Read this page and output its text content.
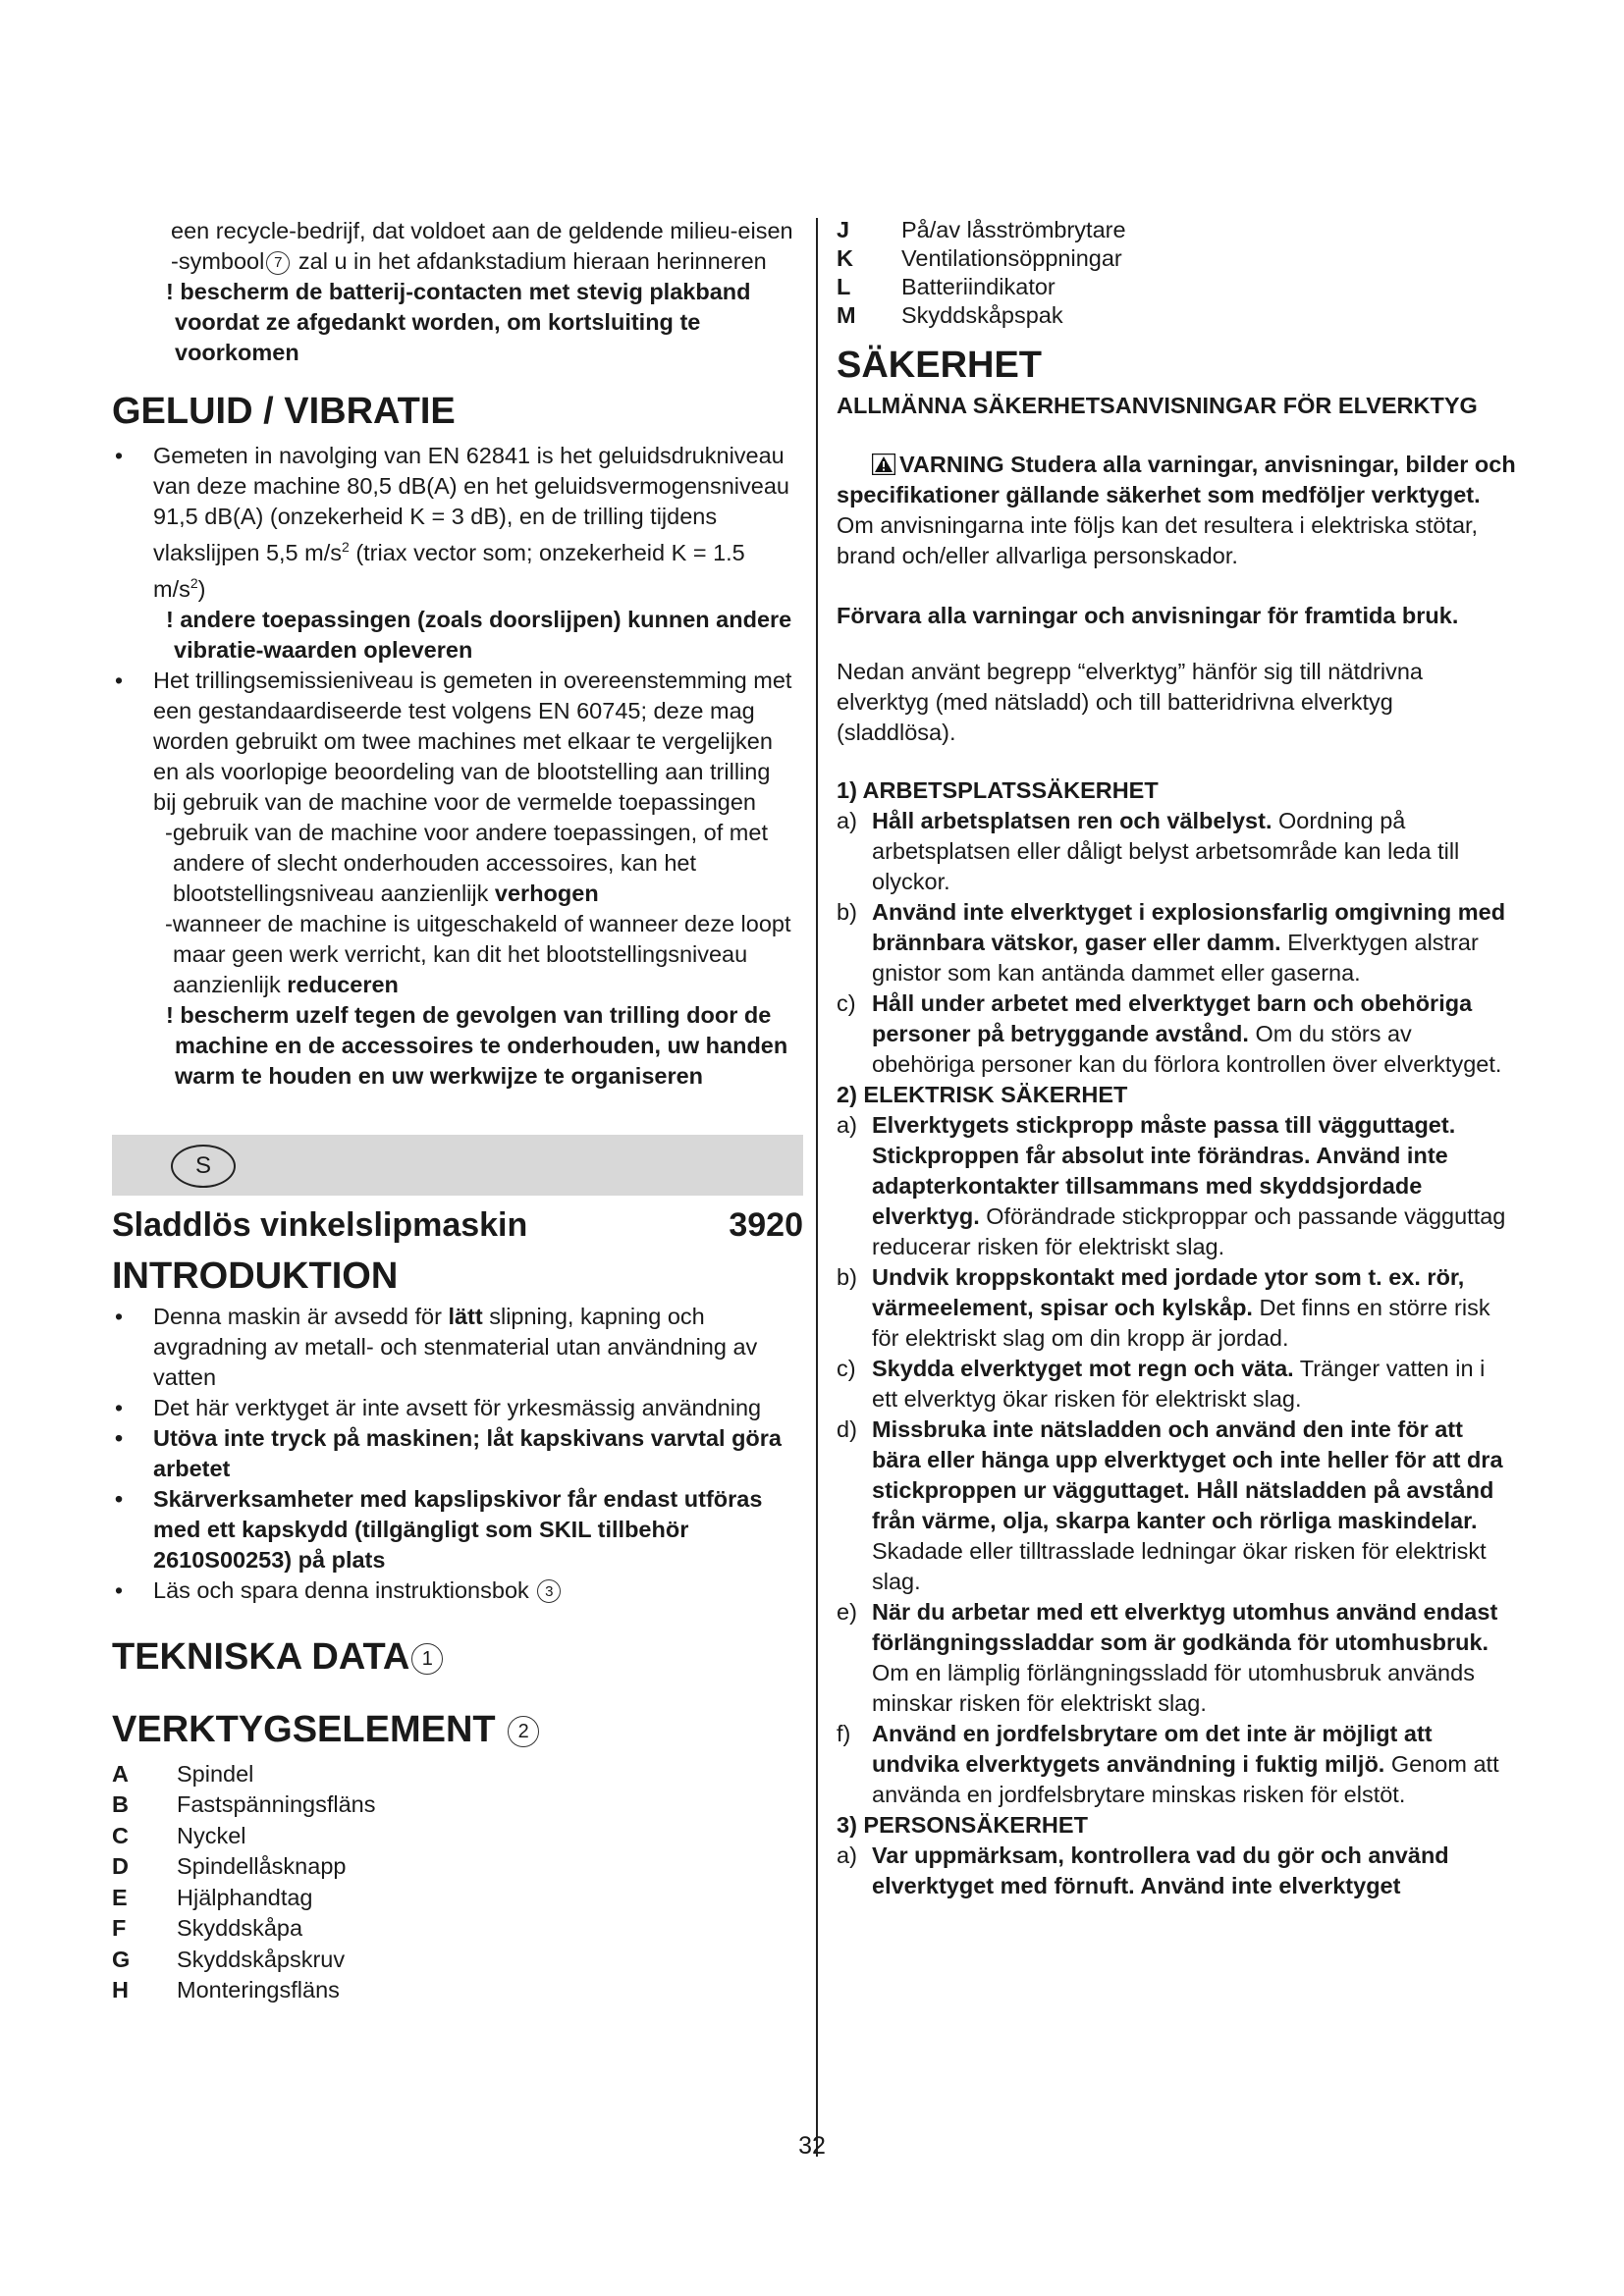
een recycle-bedrijf, dat voldoet aan de geldende milieu-eisen

-symbool 7 zal u in het afdankstadium hieraan herinneren

! bescherm de batterij-contacten met stevig plakband voordat ze afgedankt worden, om kortsluiting te voorkomen

GELUID / VIBRATIE
• Gemeten in navolging van EN 62841 is het geluidsdrukniveau van deze machine 80,5 dB(A) en het geluidsvermogensniveau 91,5 dB(A) (onzekerheid K = 3 dB), en de trilling tijdens vlakslijpen 5,5 $m/s^2$ (triax vector som; onzekerheid K = 1.5 $m/s^2$)

! andere toepassingen (zoals doorslijpen) kunnen andere vibratie-waarden opleveren

• Het trillingsemissieniveau is gemeten in overeenstemming met een gestandaardiseerde test volgens EN 60745; deze mag worden gebruikt om twee machines met elkaar te vergelijken en als voorlopige beoordeling van de blootstelling aan trilling bij gebruik van de machine voor de vermelde toepassingen

-gebruik van de machine voor andere toepassingen, of met andere of slecht onderhouden accessoires, kan het blootstellingsniveau aanzienlijk verhogen

-wanneer de machine is uitgeschakeld of wanneer deze loopt maar geen werk verricht, kan dit het blootstellingsniveau aanzienlijk reduceren

! bescherm uzelf tegen de gevolgen van trilling door de machine en de accessoires te onderhouden, uw handen warm te houden en uw werkwijze te organiseren

S
Sladdlös vinkelslipmaskin	3920
INTRODUKTION
• Denna maskin är avsedd för lätt slipning, kapning och avgradning av metall- och stenmaterial utan användning av vatten
• Det här verktyget är inte avsett för yrkesmässig användning
• Utöva inte tryck på maskinen; låt kapskivans varvtal göra arbetet
• Skärverksamheter med kapslipskivor får endast utföras med ett kapskydd (tillgängligt som SKIL tillbehör 2610S00253) på plats
• Läs och spara denna instruktionsbok 3
TEKNISKA DATA 1
VERKTYGSELEMENT 2
A	Spindel
B	Fastspänningsfläns
C	Nyckel
D	Spindellåsknapp
E	Hjälphandtag
F	Skyddskåpa
G	Skyddskåpskruv
H	Monteringsfläns
J	På/av låsströmbrytare
K	Ventilationsöppningar
L	Batteriindikator
M	Skyddskåpspak
SÄKERHET

ALLMÄNNA SÄKERHETSANVISNINGAR FÖR ELVERKTYG

VARNING Studera alla varningar, anvisningar, bilder och specifikationer gällande säkerhet som medföljer verktyget. Om anvisningarna inte följs kan det resultera i elektriska stötar, brand och/eller allvarliga personskador.

Förvara alla varningar och anvisningar för framtida bruk.

Nedan använt begrepp “elverktyg” hänför sig till nätdrivna elverktyg (med nätsladd) och till batteridrivna elverktyg (sladdlösa).

1) ARBETSPLATSSÄKERHET

a) Håll arbetsplatsen ren och välbelyst. Oordning på arbetsplatsen eller dåligt belyst arbetsområde kan leda till olyckor.
b) Använd inte elverktyget i explosionsfarlig omgivning med brännbara vätskor, gaser eller damm. Elverktygen alstrar gnistor som kan antända dammet eller gaserna.
c) Håll under arbetet med elverktyget barn och obehöriga personer på betryggande avstånd. Om du störs av obehöriga personer kan du förlora kontrollen över elverktyget.

2) ELEKTRISK SÄKERHET

a) Elverktygets stickpropp måste passa till vägguttaget. Stickproppen får absolut inte förändras. Använd inte adapterkontakter tillsammans med skyddsjordade elverktyg. Oförändrade stickproppar och passande vägguttag reducerar risken för elektriskt slag.
b) Undvik kroppskontakt med jordade ytor som t. ex. rör, värmeelement, spisar och kylskåp. Det finns en större risk för elektriskt slag om din kropp är jordad.
c) Skydda elverktyget mot regn och väta. Tränger vatten in i ett elverktyg ökar risken för elektriskt slag.
d) Missbruka inte nätsladden och använd den inte för att bära eller hänga upp elverktyget och inte heller för att dra stickproppen ur vägguttaget. Håll nätsladden på avstånd från värme, olja, skarpa kanter och rörliga maskindelar. Skadade eller tilltrasslade ledningar ökar risken för elektriskt slag.
e) När du arbetar med ett elverktyg utomhus använd endast förlängningssladdar som är godkända för utomhusbruk. Om en lämplig förlängningssladd för utomhusbruk används minskar risken för elektriskt slag.
f) Använd en jordfelsbrytare om det inte är möjligt att undvika elverktygets användning i fuktig miljö. Genom att använda en jordfelsbrytare minskas risken för elstöt.

3) PERSONSÄKERHET

a) Var uppmärksam, kontrollera vad du gör och använd elverktyget med förnuft. Använd inte elverktyget
32
